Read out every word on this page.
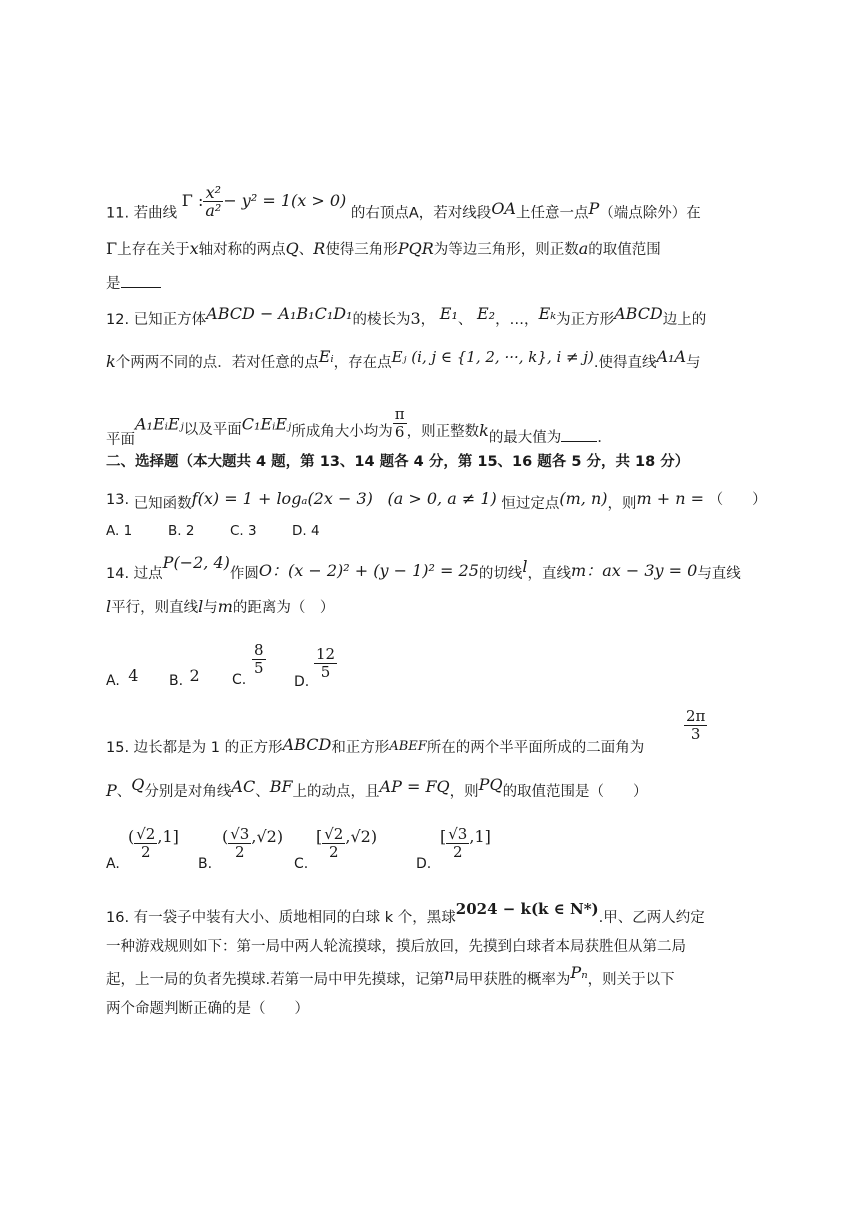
11. 若曲线 Γ : $\frac{\text{x²}}{\text{a²}} - y^2 = 1(x > 0)$ 的右顶点A，若对线段OA上任意一点P（端点除外）在
Γ上存在关于x轴对称的两点Q、R使得三角形PQR为等边三角形，则正数a的取值范围
是
12. 已知正方体ABCD − A₁B₁C₁D₁的棱长为3， E₁、 E₂，…，Eₖ为正方形ABCD边上的
k个两两不同的点．若对任意的点Eᵢ，存在点Eⱼ (i, j ∈ {1, 2, ···, k}, i ≠ j).使得直线A₁A与
平面A₁EᵢEⱼ以及平面C₁EᵢEⱼ所成角大小均为 $\frac{\pi}{6}$ ，则正整数k的最大值为 ．
二、选择题（本大题共 4 题，第 13、14 题各 4 分，第 15、16 题各 5 分，共 18 分）
13. 已知函数f(x) = 1 + logₐ(2x − 3) (a > 0, a ≠ 1) 恒过定点(m, n)，则m + n = （　　）
A. 1	B. 2	C. 3	D. 4
14. 过点P(−2, 4)作圆O：(x − 2)² + (y − 1)² = 25的切线l，直线m：ax − 3y = 0与直线
l平行，则直线l与m的距离为（　）
A. 4 B. 2 C.
$\frac{8}{5}$
D.
$\frac{12}{5}$
15. 边长都是为 1 的正方形ABCD和正方形ABEF所在的两个半平面所成的二面角为
$\frac{2\pi}{3}$
P、Q分别是对角线AC、BF上的动点，且AP = FQ，则PQ的取值范围是（　　）
A.
( $\frac{√2}{2} ,1$]
B.
( $\frac{√3}{2} ,√2$)
C.
[ $\frac{√2}{2} ,√2$)
D.
[ $\frac{√3}{2} ,1$]
16. 有一袋子中装有大小、质地相同的白球 k 个，黑球2024 − k(k ∈ N*).甲、乙两人约定
一种游戏规则如下：第一局中两人轮流摸球，摸后放回，先摸到白球者本局获胜但从第二局
起，上一局的负者先摸球.若第一局中甲先摸球，记第n局甲获胜的概率为Pₙ，则关于以下
两个命题判断正确的是（　　）
